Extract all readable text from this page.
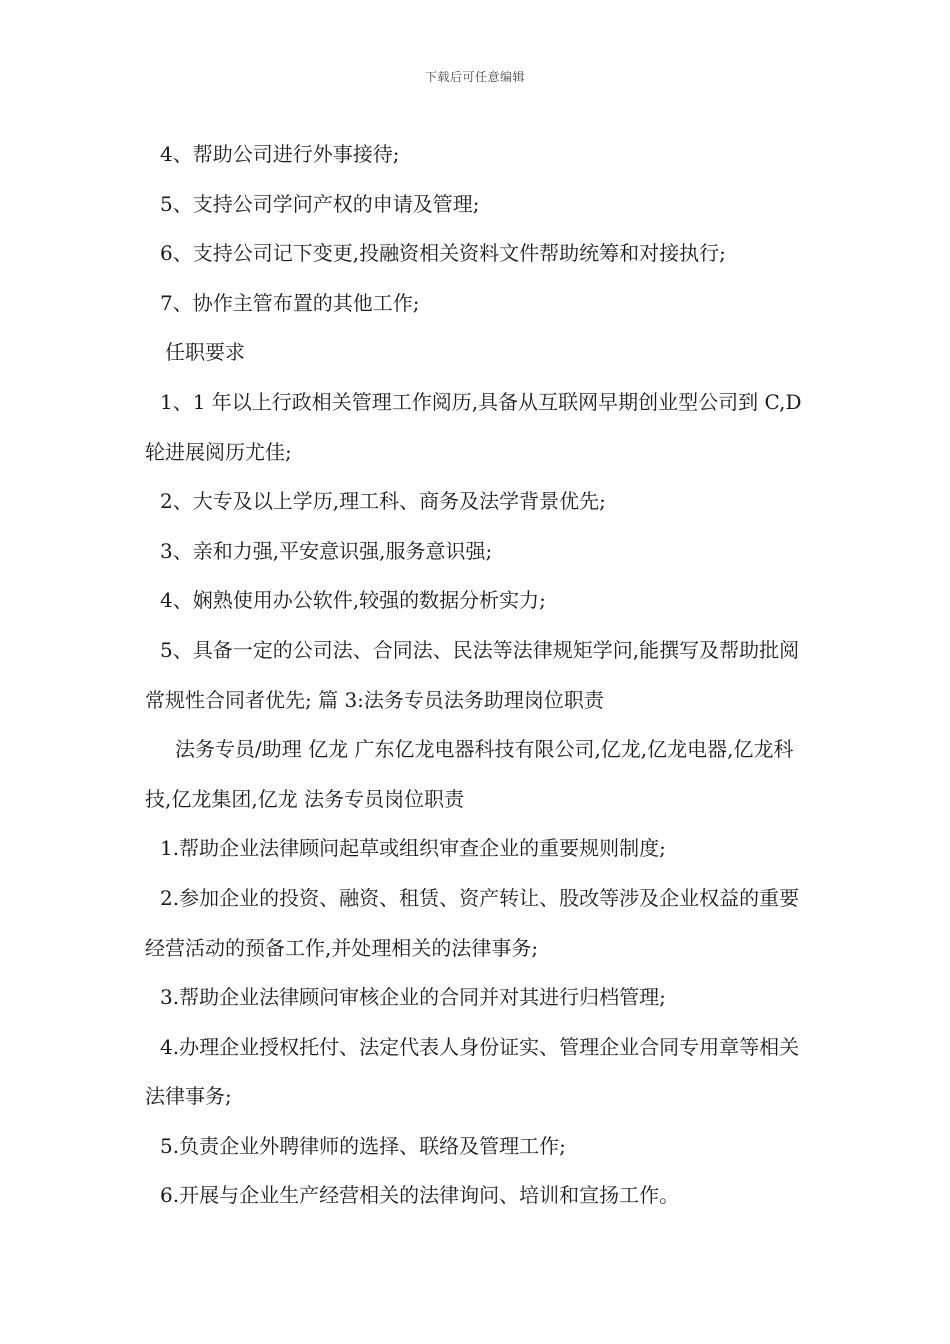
下载后可任意编辑

4、帮助公司进行外事接待;

5、支持公司学问产权的申请及管理;

6、支持公司记下变更,投融资相关资料文件帮助统筹和对接执行;

7、协作主管布置的其他工作;

任职要求

1、1 年以上行政相关管理工作阅历,具备从互联网早期创业型公司到 C,D 轮进展阅历尤佳;

2、大专及以上学历,理工科、商务及法学背景优先;

3、亲和力强,平安意识强,服务意识强;

4、娴熟使用办公软件,较强的数据分析实力;

5、具备一定的公司法、合同法、民法等法律规矩学问,能撰写及帮助批阅常规性合同者优先; 篇 3:法务专员法务助理岗位职责

法务专员/助理 亿龙 广东亿龙电器科技有限公司,亿龙,亿龙电器,亿龙科技,亿龙集团,亿龙 法务专员岗位职责

1.帮助企业法律顾问起草或组织审查企业的重要规则制度;

2.参加企业的投资、融资、租赁、资产转让、股改等涉及企业权益的重要经营活动的预备工作,并处理相关的法律事务;

3.帮助企业法律顾问审核企业的合同并对其进行归档管理;

4.办理企业授权托付、法定代表人身份证实、管理企业合同专用章等相关法律事务;

5.负责企业外聘律师的选择、联络及管理工作;

6.开展与企业生产经营相关的法律询问、培训和宣扬工作。
